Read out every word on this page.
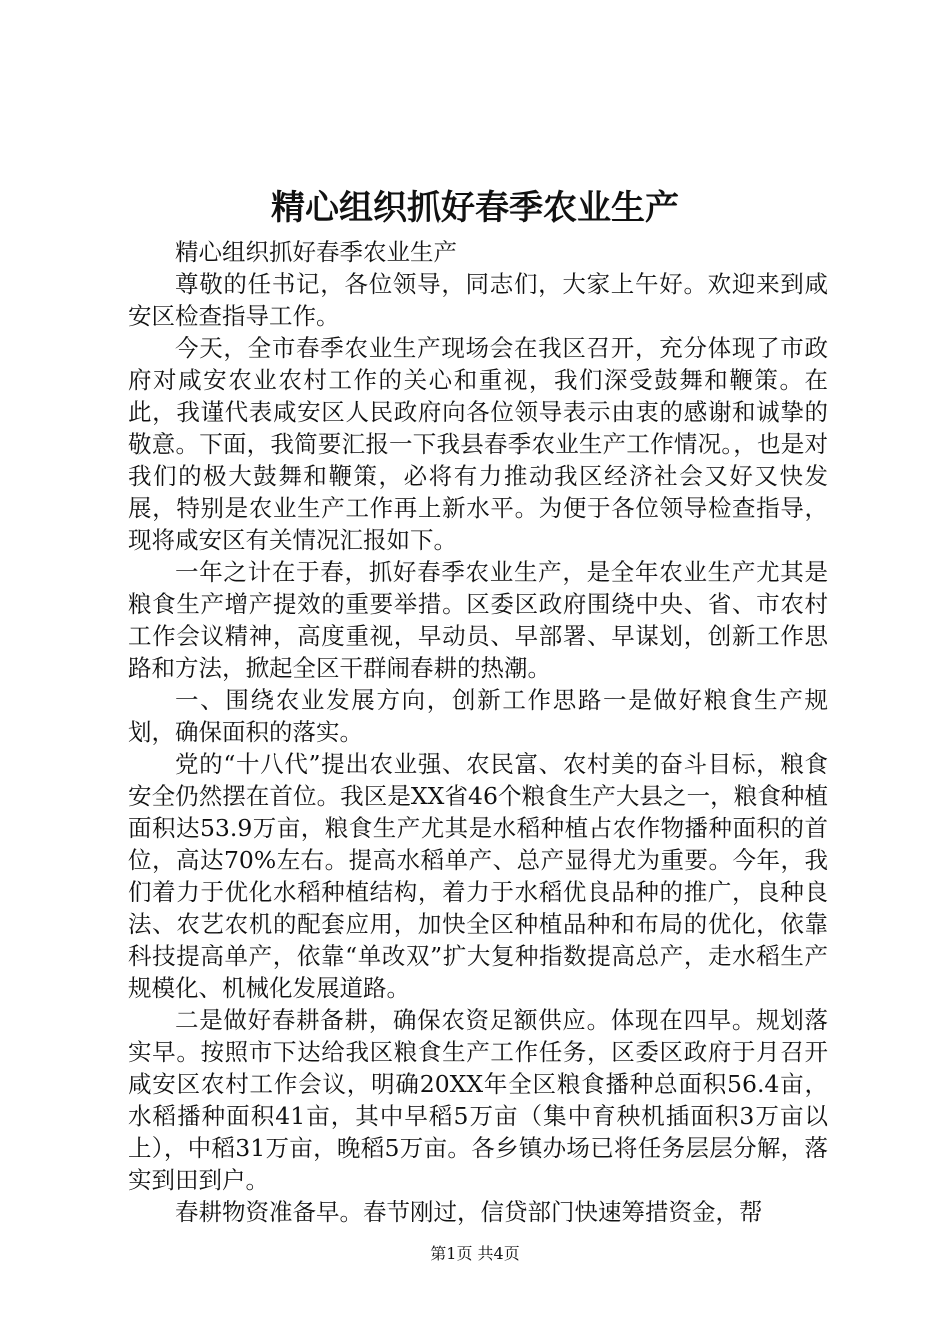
精心组织抓好春季农业生产

精心组织抓好春季农业生产

尊敬的任书记，各位领导，同志们，大家上午好。欢迎来到咸安区检查指导工作。

今天，全市春季农业生产现场会在我区召开，充分体现了市政府对咸安农业农村工作的关心和重视，我们深受鼓舞和鞭策。在此，我谨代表咸安区人民政府向各位领导表示由衷的感谢和诚挚的敬意。下面，我简要汇报一下我县春季农业生产工作情况。，也是对我们的极大鼓舞和鞭策，必将有力推动我区经济社会又好又快发展，特别是农业生产工作再上新水平。为便于各位领导检查指导，现将咸安区有关情况汇报如下。

一年之计在于春，抓好春季农业生产，是全年农业生产尤其是粮食生产增产提效的重要举措。区委区政府围绕中央、省、市农村工作会议精神，高度重视，早动员、早部署、早谋划，创新工作思路和方法，掀起全区干群闹春耕的热潮。

一、围绕农业发展方向，创新工作思路一是做好粮食生产规划，确保面积的落实。

党的“十八代”提出农业强、农民富、农村美的奋斗目标，粮食安全仍然摆在首位。我区是XX省46个粮食生产大县之一，粮食种植面积达53.9万亩，粮食生产尤其是水稻种植占农作物播种面积的首位，高达70%左右。提高水稻单产、总产显得尤为重要。今年，我们着力于优化水稻种植结构，着力于水稻优良品种的推广，良种良法、农艺农机的配套应用，加快全区种植品种和布局的优化，依靠科技提高单产，依靠“单改双”扩大复种指数提高总产，走水稻生产规模化、机械化发展道路。

二是做好春耕备耕，确保农资足额供应。体现在四早。规划落实早。按照市下达给我区粮食生产工作任务，区委区政府于月召开咸安区农村工作会议，明确20XX年全区粮食播种总面积56.4亩，水稻播种面积41亩，其中早稻5万亩（集中育秧机插面积3万亩以上），中稻31万亩，晚稻5万亩。各乡镇办场已将任务层层分解，落实到田到户。

春耕物资准备早。春节刚过，信贷部门快速筹措资金，帮

第1页 共4页
